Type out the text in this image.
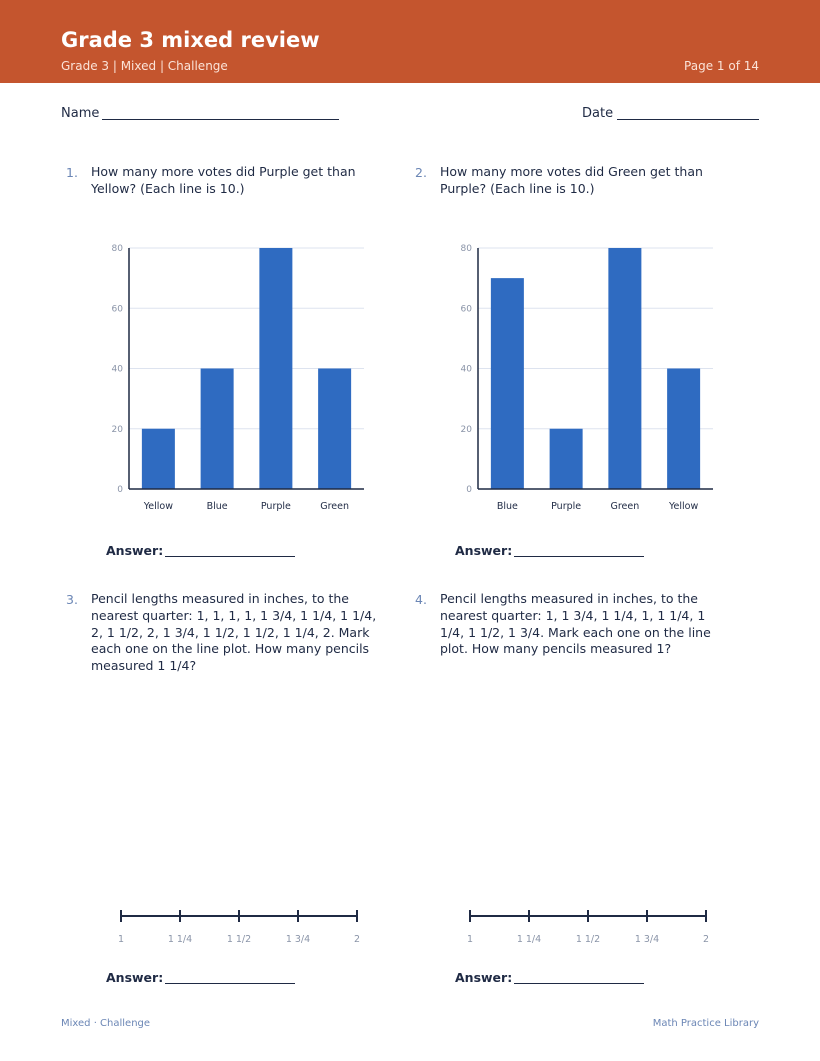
Grade 3 mixed review
Grade 3 | Mixed | Challenge	Page 1 of 14
Name	Date
1. How many more votes did Purple get than Yellow? (Each line is 10.)
0
20
40
60
80
Yellow	Blue	Purple	Green
Answer:
2. How many more votes did Green get than Purple? (Each line is 10.)
0
20
40
60
80
Blue	Purple	Green	Yellow
Answer:
3. Pencil lengths measured in inches, to the nearest quarter: 1, 1, 1, 1, 1 3/4, 1 1/4, 1 1/4, 2, 1 1/2, 2, 1 3/4, 1 1/2, 1 1/2, 1 1/4, 2. Mark each one on the line plot. How many pencils measured 1 1/4?
1	1 1/4	1 1/2	1 3/4	2
Answer:
4. Pencil lengths measured in inches, to the nearest quarter: 1, 1 3/4, 1 1/4, 1, 1 1/4, 1 1/4, 1 1/2, 1 3/4. Mark each one on the line plot. How many pencils measured 1?
1	1 1/4	1 1/2	1 3/4	2
Answer:
Mixed · Challenge	Math Practice Library
